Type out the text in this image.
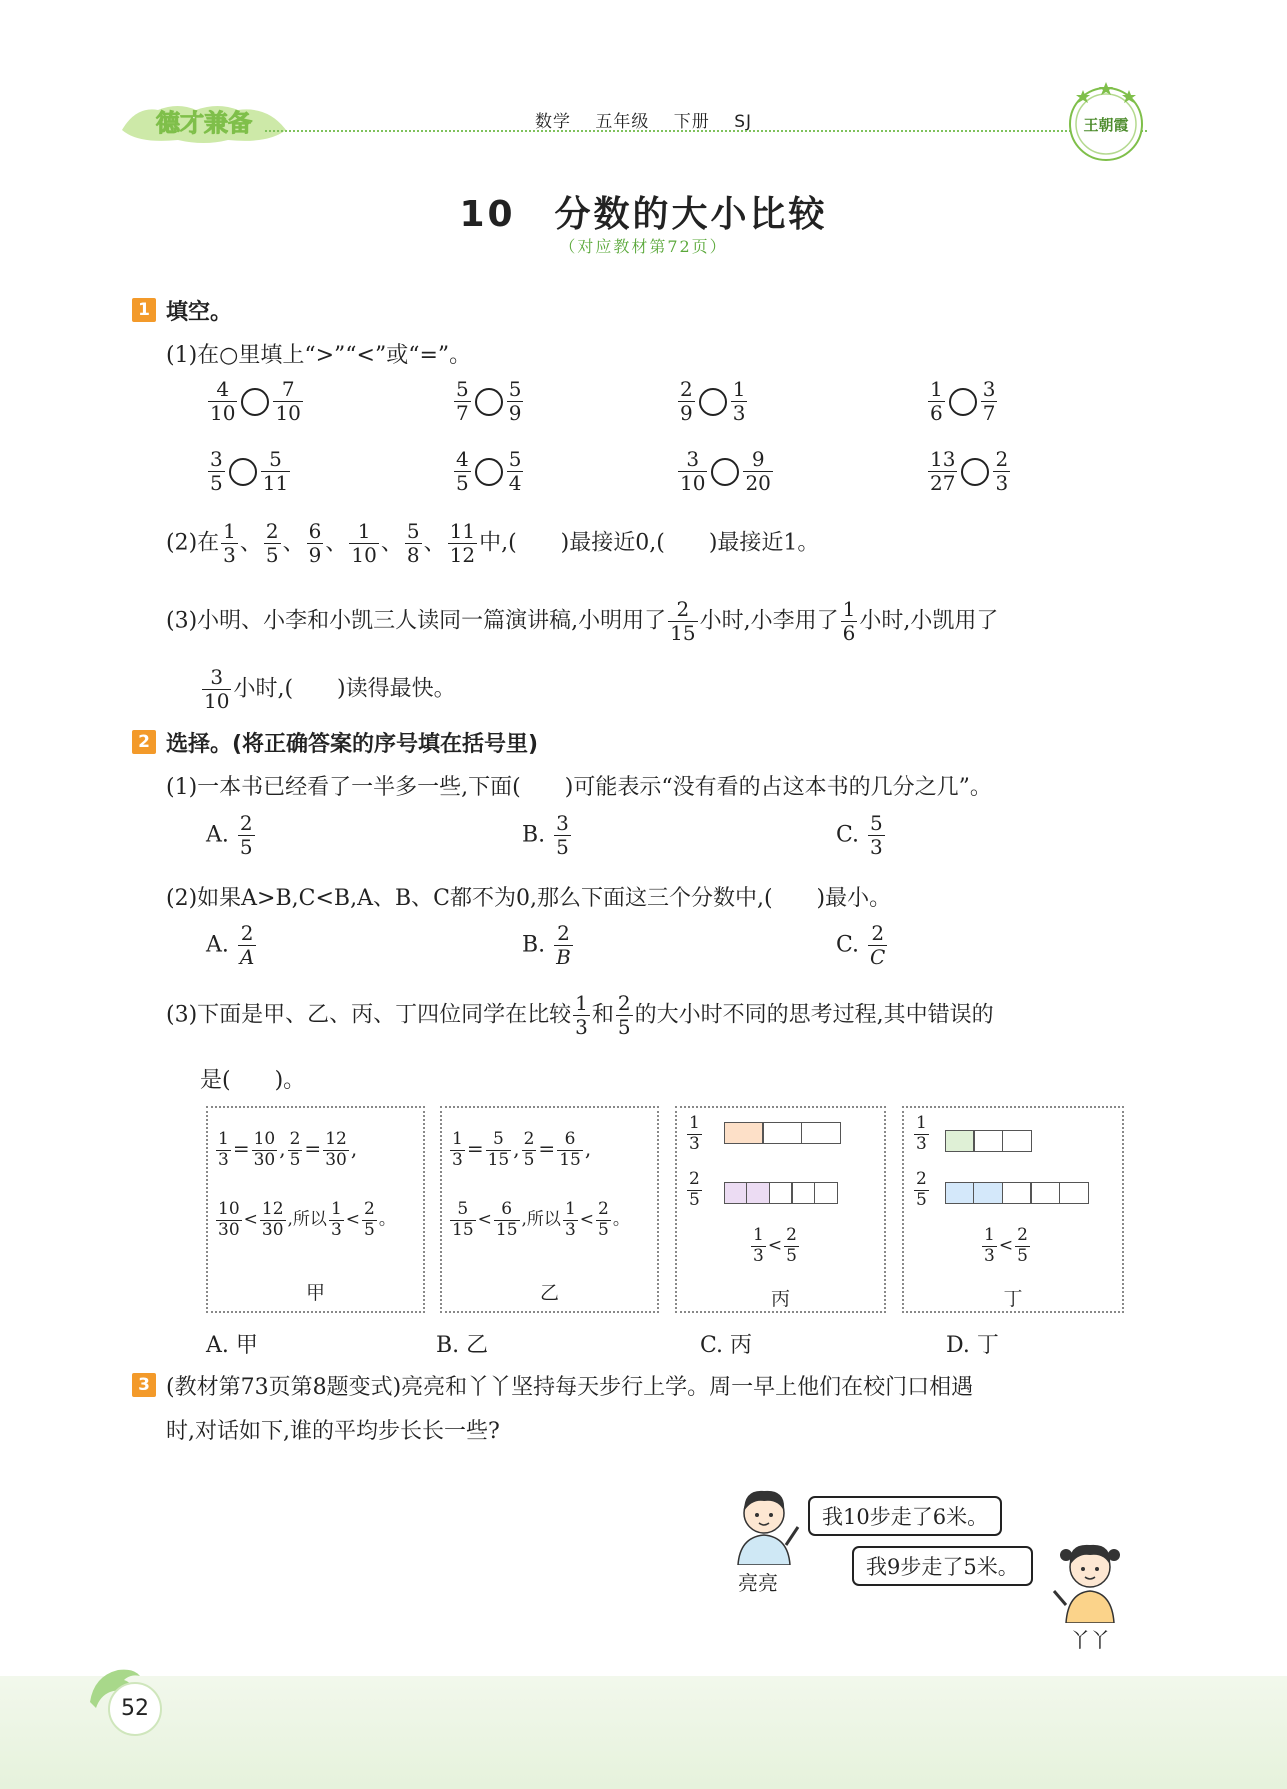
德才兼备	数学 五年级 下册 SJ	王朝霞
10　分数的大小比较
（对应教材第72页）
1 填空。
(1)在○里填上“>”“<”或“=”。
$\frac{4}{10} \frac{7}{10}$	$\frac{5}{7} \frac{5}{9}$	$\frac{2}{9} \frac{1}{3}$	$\frac{1}{6} \frac{3}{7}$
$\frac{3}{5} \frac{5}{11}$	$\frac{4}{5} \frac{5}{4}$	$\frac{3}{10} \frac{9}{20}$	$\frac{13}{27} \frac{2}{3}$
(2)在 $\frac{1}{3}$ 、 $\frac{2}{5}$ 、 $\frac{6}{9}$ 、 $\frac{1}{10}$ 、 $\frac{5}{8}$ 、 $\frac{11}{12}$ 中,(　　)最接近0,(　　)最接近1。
(3)小明、小李和小凯三人读同一篇演讲稿,小明用了 $\frac{2}{15}$ 小时,小李用了 $\frac{1}{6}$ 小时,小凯用了
$\frac{3}{10}$ 小时,(　　)读得最快。
2 选择。(将正确答案的序号填在括号里)
(1)一本书已经看了一半多一些,下面(　　)可能表示“没有看的占这本书的几分之几”。
A. $\frac{2}{5}$	B. $\frac{3}{5}$	C. $\frac{5}{3}$
(2)如果A>B,C<B,A、B、C都不为0,那么下面这三个分数中,(　　)最小。
A. $\frac{2}{A}$	B. $\frac{2}{B}$	C. $\frac{2}{C}$
(3)下面是甲、乙、丙、丁四位同学在比较 $\frac{1}{3}$ 和 $\frac{2}{5}$ 的大小时不同的思考过程,其中错误的
是(　　)。
$\frac{1}{3} = \frac{10}{30}$ , $\frac{2}{5} = \frac{12}{30}$ ,
$\frac{10}{30} < \frac{12}{30}$ ,所以 $\frac{1}{3} < \frac{2}{5}$ 。
甲
$\frac{1}{3} = \frac{5}{15}$ , $\frac{2}{5} = \frac{6}{15}$ ,
$\frac{5}{15} < \frac{6}{15}$ ,所以 $\frac{1}{3} < \frac{2}{5}$ 。
乙
$\frac{1}{3}$
$\frac{2}{5}$
$\frac{1}{3} < \frac{2}{5}$
丙
$\frac{1}{3}$
$\frac{2}{5}$
$\frac{1}{3} < \frac{2}{5}$
丁
A. 甲	B. 乙	C. 丙	D. 丁
3 (教材第73页第8题变式)亮亮和丫丫坚持每天步行上学。周一早上他们在校门口相遇
时,对话如下,谁的平均步长长一些?
亮亮
我10步走了6米。
我9步走了5米。
丫丫
52
